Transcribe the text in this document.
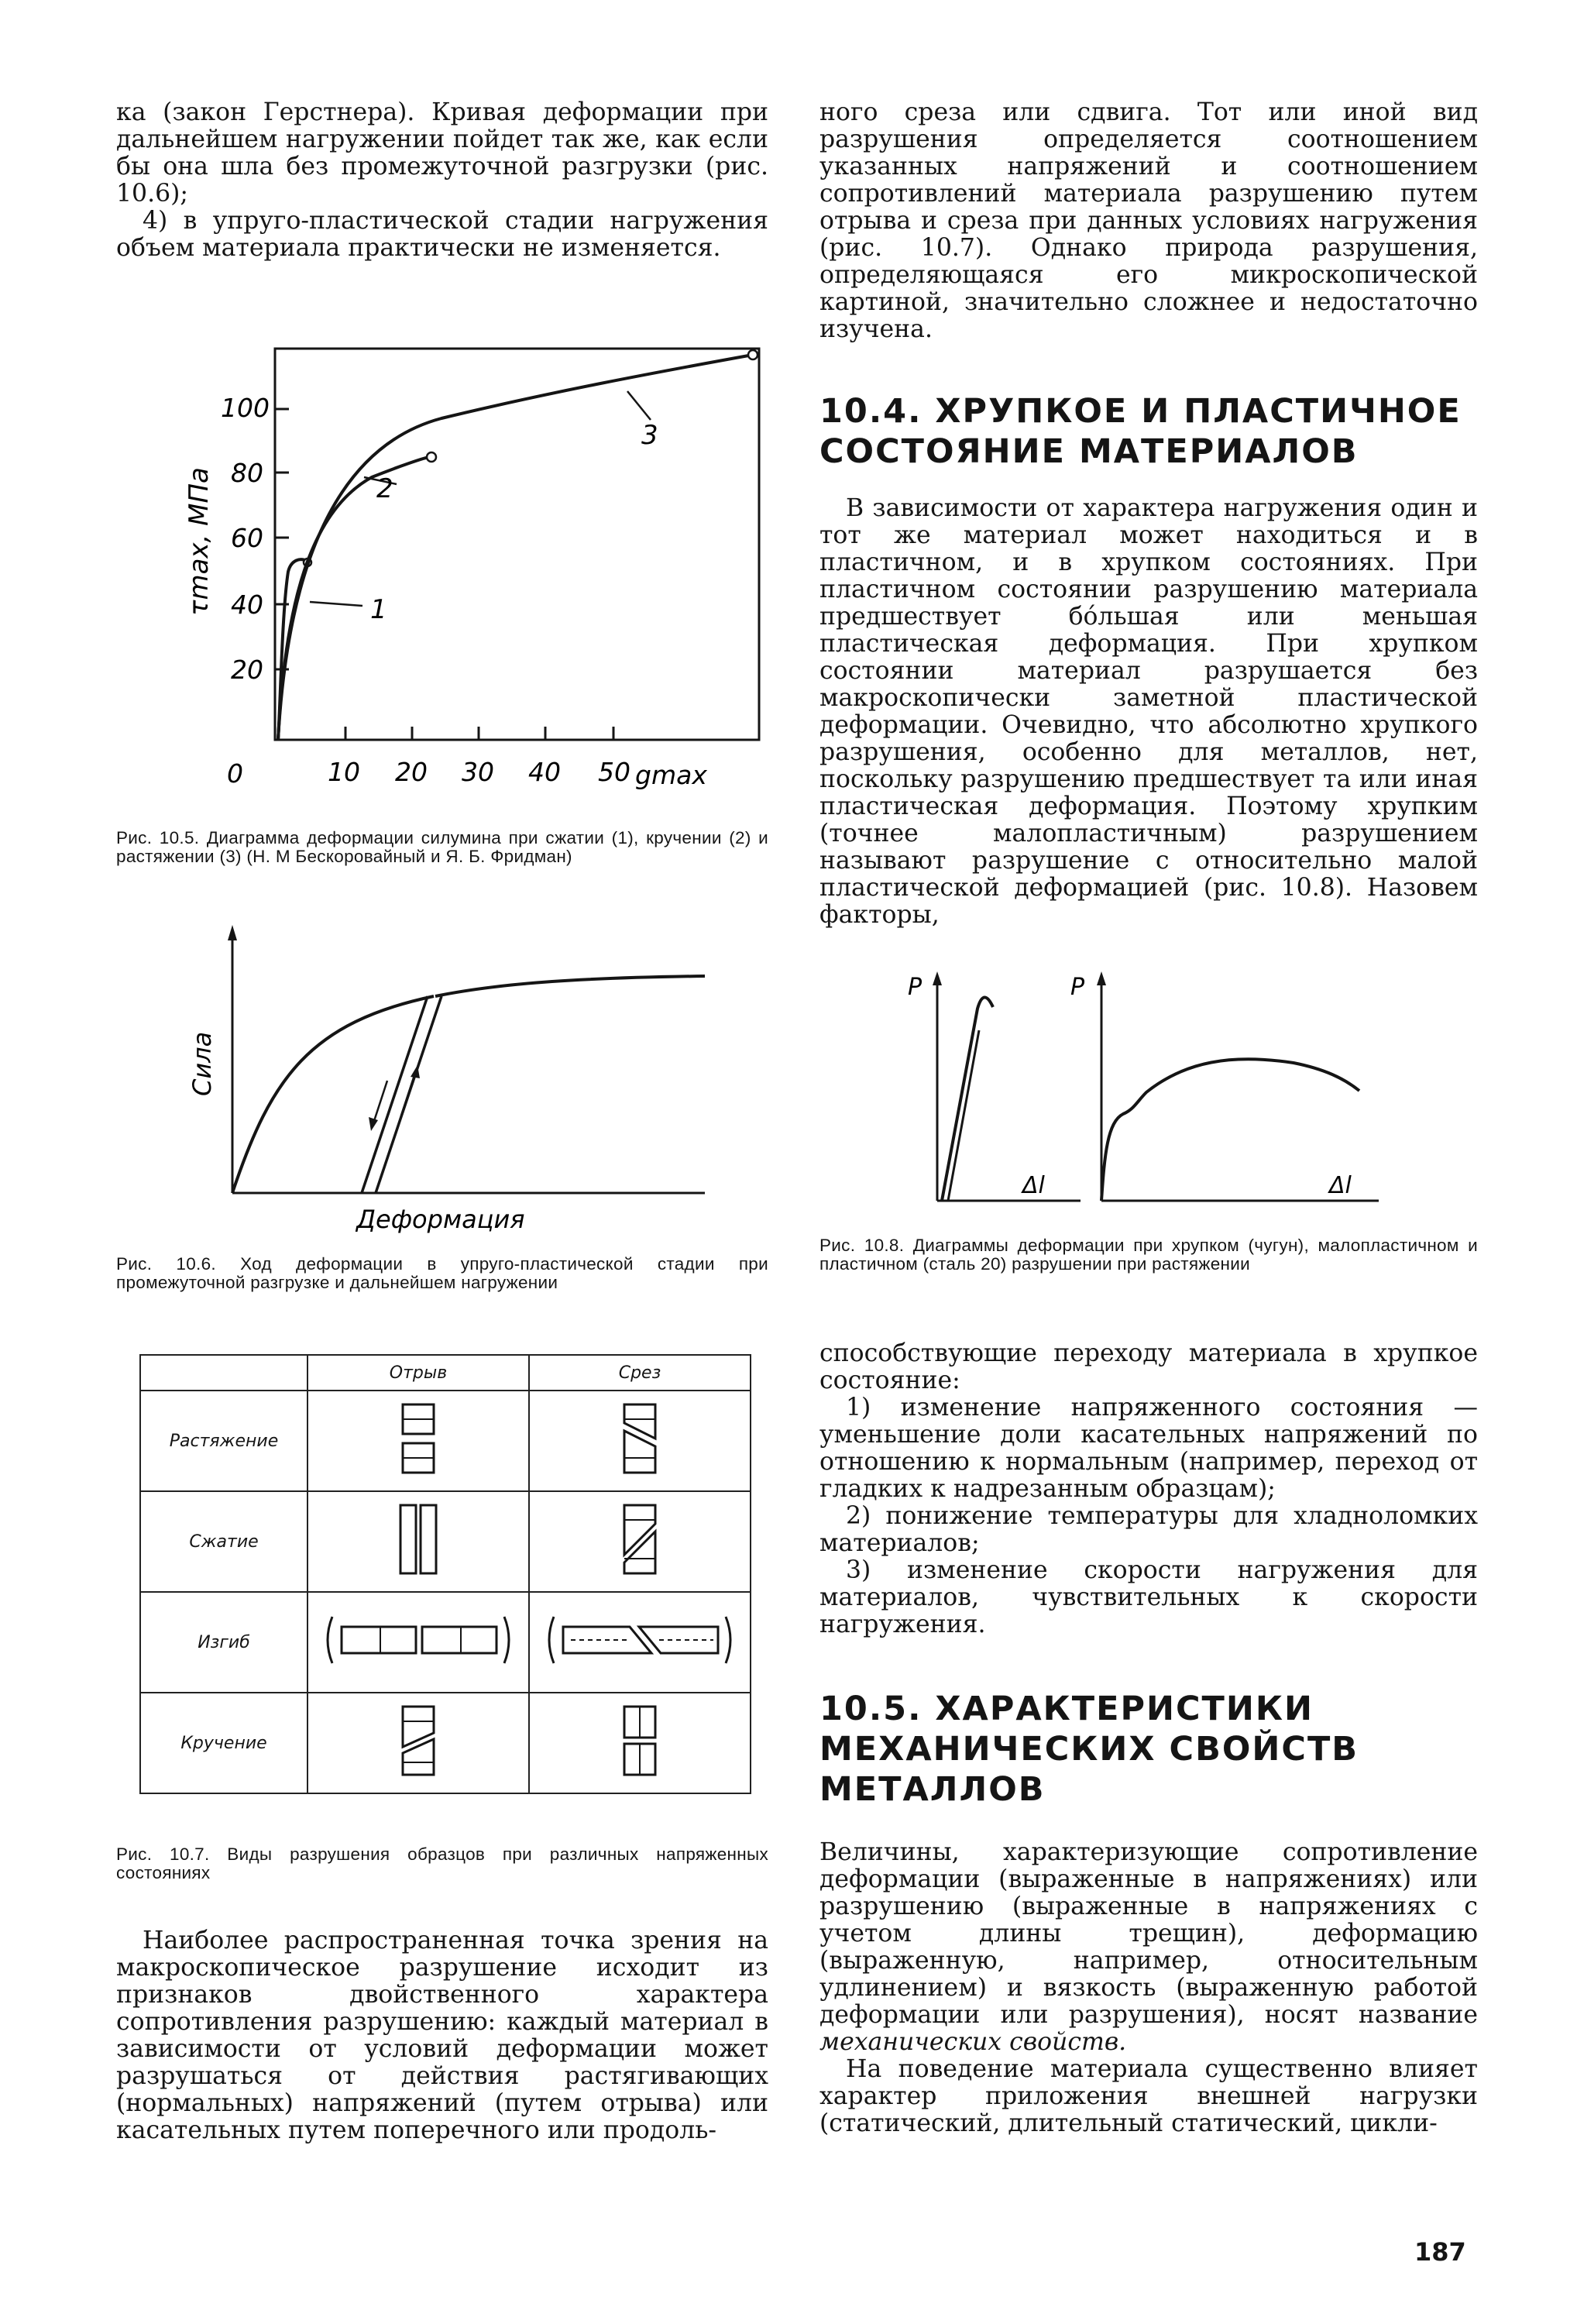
ка (закон Герстнера). Кривая деформации при дальнейшем нагружении пойдет так же, как если бы она шла без промежуточной разгрузки (рис. 10.6);

4) в упруго-пластической стадии нагружения объем материала практически не изменяется.

1
2
3
100
80
60
40
20
τmax, МПа
0	10 20 30 40 50 gmax

Рис. 10.5. Диаграмма деформации силумина при сжатии (1), кручении (2) и растяжении (3) (Н. М Бескоровайный и Я. Б. Фридман)

Сила
Деформация

Рис. 10.6. Ход деформации в упруго-пластической стадии при промежуточной разгрузке и дальнейшем нагружении

	Отрыв	Срез
Растяжение		
Сжатие		
Изгиб		
Кручение		

Рис. 10.7. Виды разрушения образцов при различных напряженных состояниях

Наиболее распространенная точка зрения на макроскопическое разрушение исходит из признаков двойственного характера сопротивления разрушению: каждый материал в зависимости от условий деформации может разрушаться от действия растягивающих (нормальных) напряжений (путем отрыва) или касательных путем поперечного или продоль-

ного среза или сдвига. Тот или иной вид разрушения определяется соотношением указанных напряжений и соотношением сопротивлений материала разрушению путем отрыва и среза при данных условиях нагружения (рис. 10.7). Однако природа разрушения, определяющаяся его микроскопической картиной, значительно сложнее и недостаточно изучена.

10.4. ХРУПКОЕ И ПЛАСТИЧНОЕ СОСТОЯНИЕ МАТЕРИАЛОВ

В зависимости от характера нагружения один и тот же материал может находиться и в пластичном, и в хрупком состояниях. При пластичном состоянии разрушению материала предшествует бóльшая или меньшая пластическая деформация. При хрупком состоянии материал разрушается без макроскопически заметной пластической деформации. Очевидно, что абсолютно хрупкого разрушения, особенно для металлов, нет, поскольку разрушению предшествует та или иная пластическая деформация. Поэтому хрупким (точнее малопластичным) разрушением называют разрушение с относительно малой пластической деформацией (рис. 10.8). Назовем факторы,

P
Δl
P
Δl

Рис. 10.8. Диаграммы деформации при хрупком (чугун), малопластичном и пластичном (сталь 20) разрушении при растяжении

способствующие переходу материала в хрупкое состояние:

1) изменение напряженного состояния — уменьшение доли касательных напряжений по отношению к нормальным (например, переход от гладких к надрезанным образцам);

2) понижение температуры для хладноломких материалов;

3) изменение скорости нагружения для материалов, чувствительных к скорости нагружения.

10.5. ХАРАКТЕРИСТИКИ МЕХАНИЧЕСКИХ СВОЙСТВ МЕТАЛЛОВ

Величины, характеризующие сопротивление деформации (выраженные в напряжениях) или разрушению (выраженные в напряжениях с учетом длины трещин), деформацию (выраженную, например, относительным удлинением) и вязкость (выраженную работой деформации или разрушения), носят название механических свойств.

На поведение материала существенно влияет характер приложения внешней нагрузки (статический, длительный статический, цикли-

187
